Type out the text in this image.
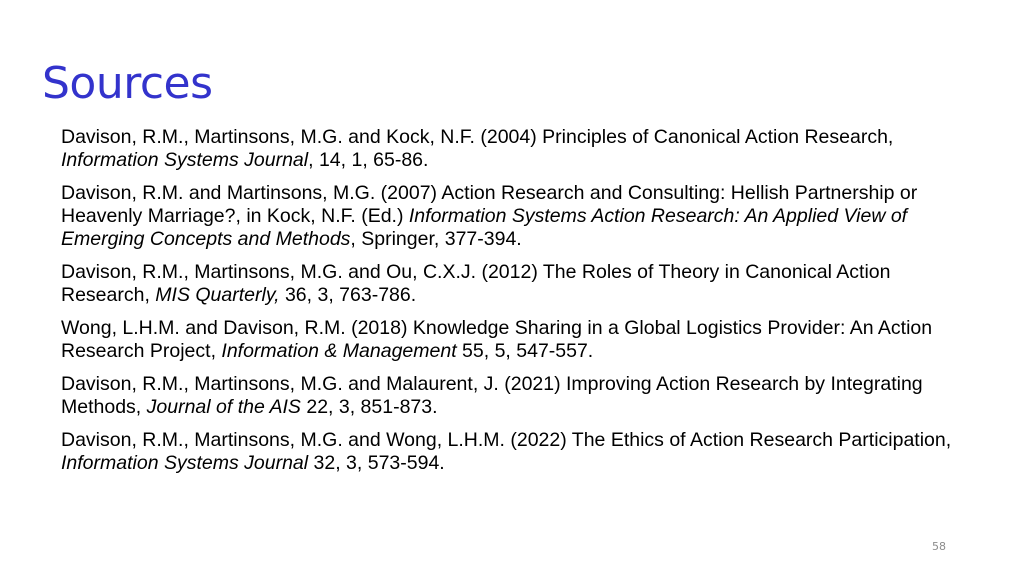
Sources
Davison, R.M., Martinsons, M.G. and Kock, N.F. (2004) Principles of Canonical Action Research, Information Systems Journal, 14, 1, 65-86.
Davison, R.M. and Martinsons, M.G. (2007) Action Research and Consulting: Hellish Partnership or Heavenly Marriage?, in Kock, N.F. (Ed.) Information Systems Action Research: An Applied View of Emerging Concepts and Methods, Springer, 377-394.
Davison, R.M., Martinsons, M.G. and Ou, C.X.J. (2012) The Roles of Theory in Canonical Action Research, MIS Quarterly, 36, 3, 763-786.
Wong, L.H.M. and Davison, R.M. (2018) Knowledge Sharing in a Global Logistics Provider: An Action Research Project, Information & Management 55, 5, 547-557.
Davison, R.M., Martinsons, M.G. and Malaurent, J. (2021) Improving Action Research by Integrating Methods, Journal of the AIS 22, 3, 851-873.
Davison, R.M., Martinsons, M.G. and Wong, L.H.M. (2022) The Ethics of Action Research Participation, Information Systems Journal 32, 3, 573-594.
58
